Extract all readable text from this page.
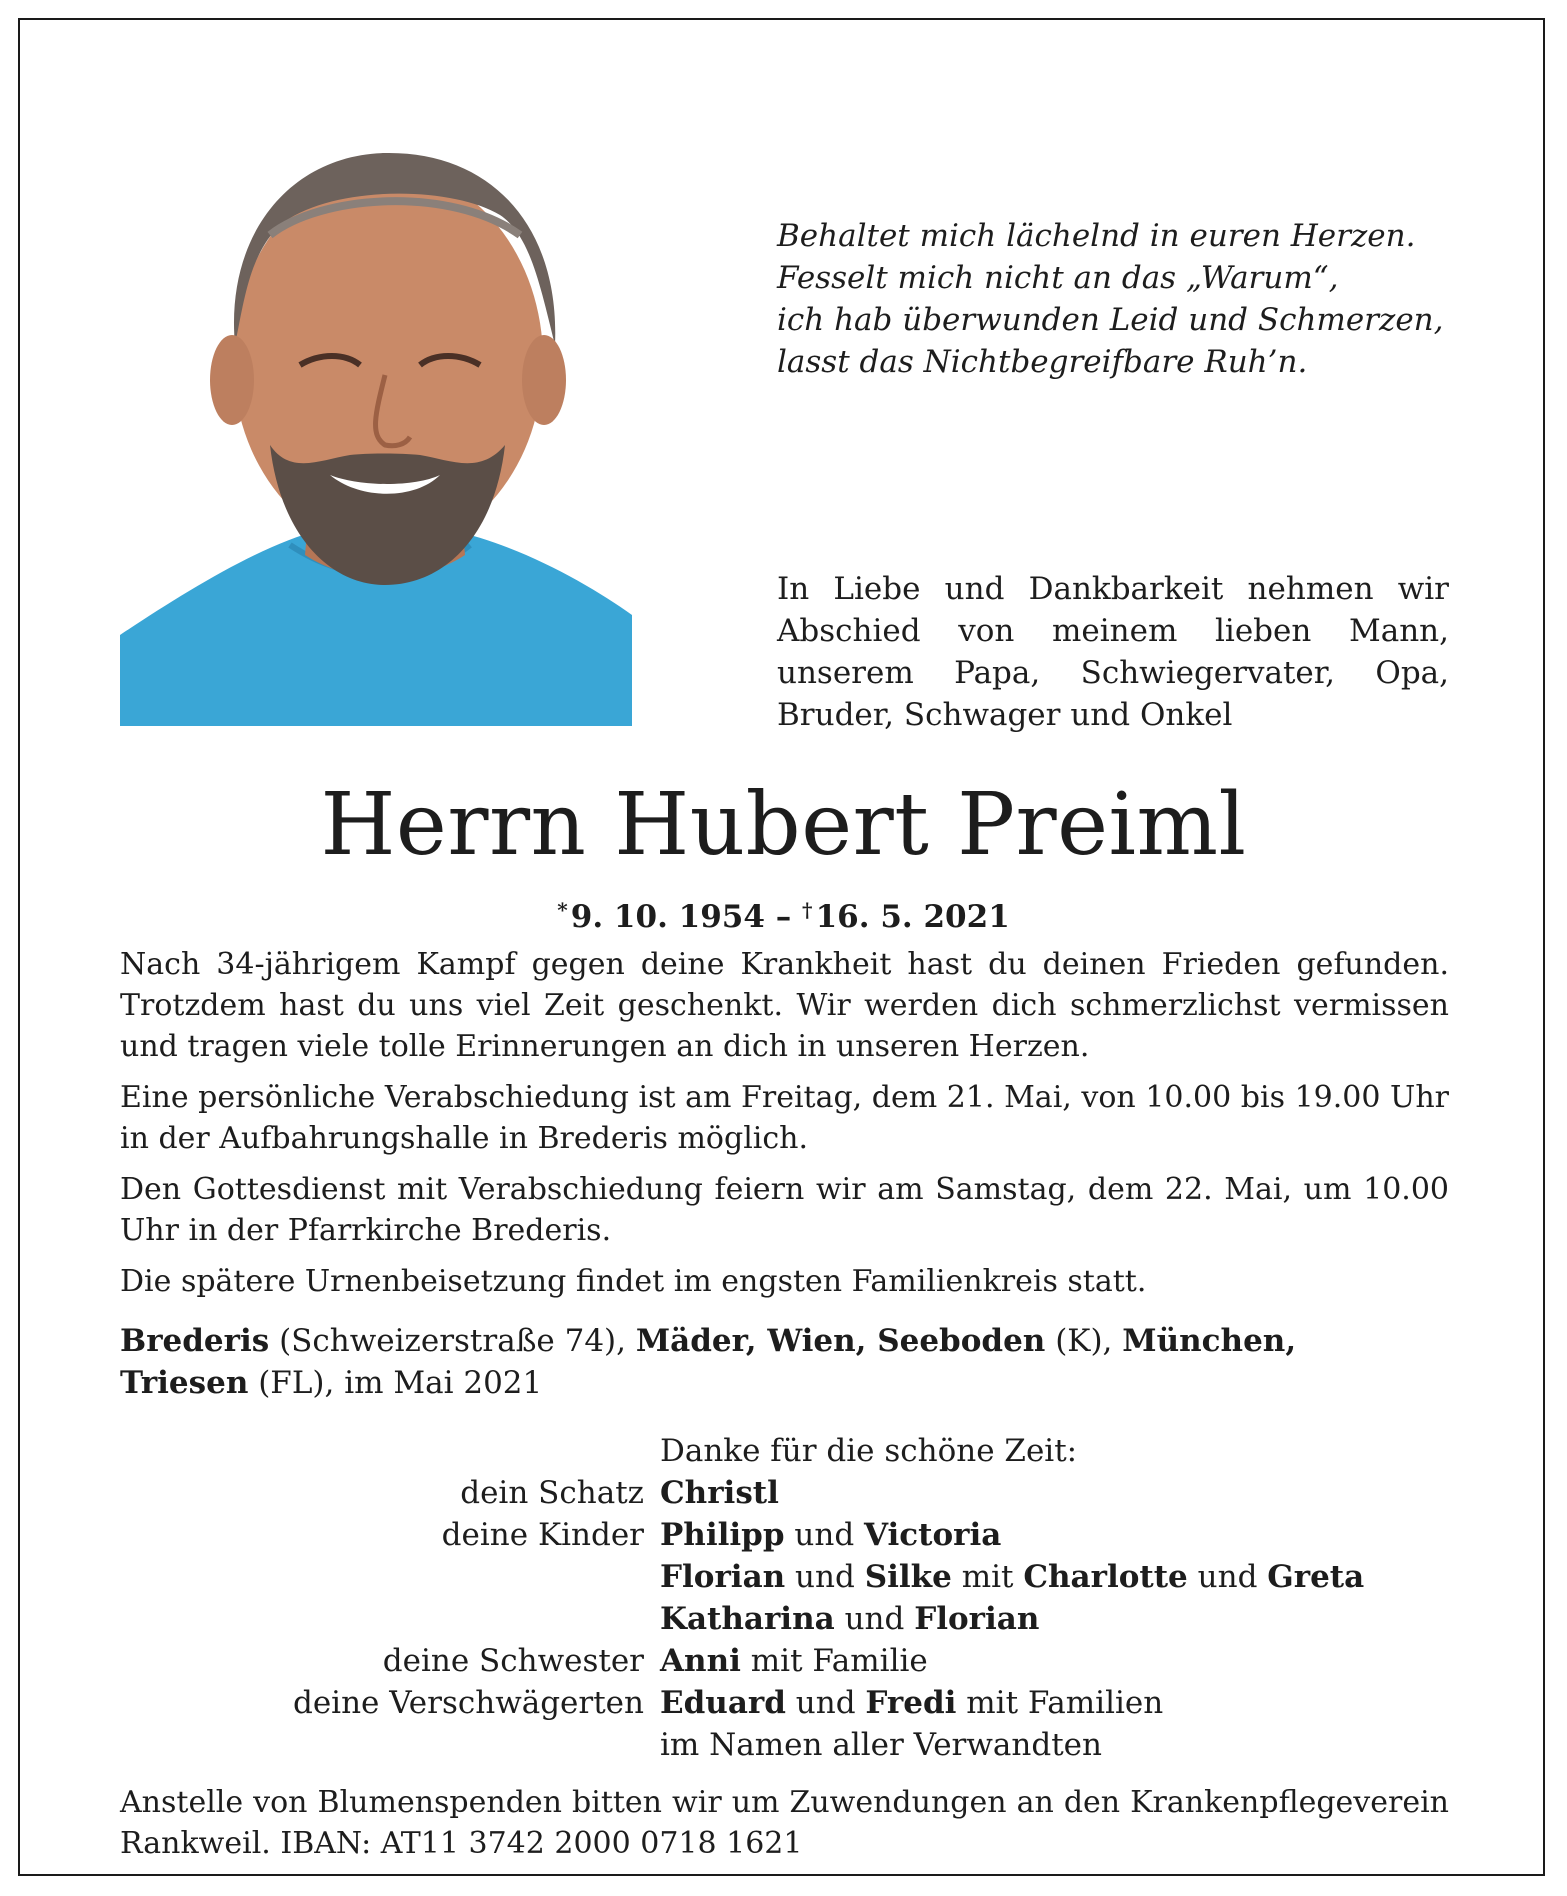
Behaltet mich lächelnd in euren Herzen.
Fesselt mich nicht an das „Warum“,
ich hab überwunden Leid und Schmerzen,
lasst das Nichtbegreifbare Ruh’n.
In Liebe und Dankbarkeit nehmen wir Abschied von meinem lieben Mann, unserem Papa, Schwiegervater, Opa, Bruder, Schwager und Onkel
Herrn Hubert Preiml
* 9. 10. 1954 – † 16. 5. 2021

Nach 34-jährigem Kampf gegen deine Krankheit hast du deinen Frieden gefunden. Trotzdem hast du uns viel Zeit geschenkt. Wir werden dich schmerzlichst vermissen und tragen viele tolle Erinnerungen an dich in unseren Herzen.

Eine persönliche Verabschiedung ist am Freitag, dem 21. Mai, von 10.00 bis 19.00 Uhr in der Aufbahrungshalle in Brederis möglich.

Den Gottesdienst mit Verabschiedung feiern wir am Samstag, dem 22. Mai, um 10.00 Uhr in der Pfarrkirche Brederis.

Die spätere Urnenbeisetzung findet im engsten Familienkreis statt.

Brederis (Schweizerstraße 74), Mäder, Wien, Seeboden (K), München,
Triesen (FL), im Mai 2021
Danke für die schöne Zeit:
dein Schatz Christl
deine Kinder Philipp und Victoria
Florian und Silke mit Charlotte und Greta
Katharina und Florian
deine Schwester Anni mit Familie
deine Verschwägerten Eduard und Fredi mit Familien
im Namen aller Verwandten
Anstelle von Blumenspenden bitten wir um Zuwendungen an den Krankenpflegeverein Rankweil. IBAN: AT11 3742 2000 0718 1621
